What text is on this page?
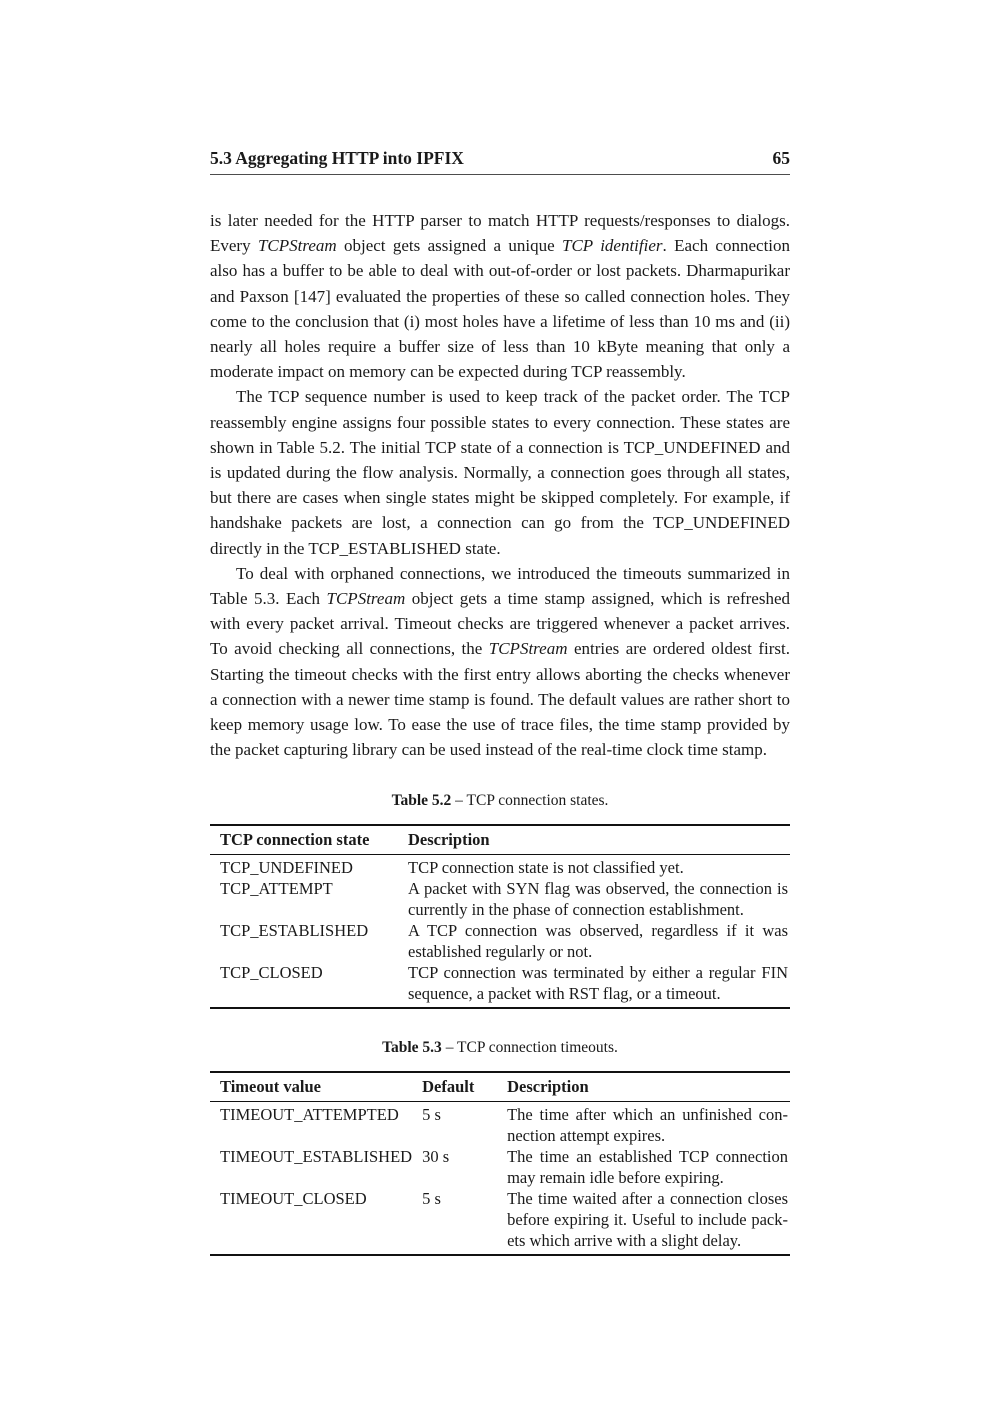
5.3 Aggregating HTTP into IPFIX	65
is later needed for the HTTP parser to match HTTP requests/responses to dialogs. Every TCPStream object gets assigned a unique TCP identifier. Each connection also has a buffer to be able to deal with out-of-order or lost packets. Dharmapurikar and Paxson [147] evaluated the properties of these so called connection holes. They come to the conclusion that (i) most holes have a lifetime of less than 10 ms and (ii) nearly all holes require a buffer size of less than 10 kByte meaning that only a moderate impact on memory can be expected during TCP reassembly.
The TCP sequence number is used to keep track of the packet order. The TCP reassembly engine assigns four possible states to every connection. These states are shown in Table 5.2. The initial TCP state of a connection is TCP_UNDEFINED and is updated during the flow analysis. Normally, a connection goes through all states, but there are cases when single states might be skipped completely. For example, if handshake packets are lost, a connection can go from the TCP_UNDEFINED directly in the TCP_ESTABLISHED state.
To deal with orphaned connections, we introduced the timeouts summarized in Table 5.3. Each TCPStream object gets a time stamp assigned, which is refreshed with every packet arrival. Timeout checks are triggered whenever a packet arrives. To avoid checking all connections, the TCPStream entries are ordered oldest first. Starting the timeout checks with the first entry allows aborting the checks whenever a connection with a newer time stamp is found. The default values are rather short to keep memory usage low. To ease the use of trace files, the time stamp provided by the packet capturing library can be used instead of the real-time clock time stamp.
Table 5.2 – TCP connection states.
TCP connection state	Description
TCP_UNDEFINED	TCP connection state is not classified yet.
TCP_ATTEMPT	A packet with SYN flag was observed, the connection is currently in the phase of connection establishment.
TCP_ESTABLISHED	A TCP connection was observed, regardless if it was established regularly or not.
TCP_CLOSED	TCP connection was terminated by either a regular FIN sequence, a packet with RST flag, or a timeout.
Table 5.3 – TCP connection timeouts.
Timeout value	Default	Description
TIMEOUT_ATTEMPTED	5 s	The time after which an unfinished connection attempt expires.
TIMEOUT_ESTABLISHED	30 s	The time an established TCP connection may remain idle before expiring.
TIMEOUT_CLOSED	5 s	The time waited after a connection closes before expiring it. Useful to include packets which arrive with a slight delay.
